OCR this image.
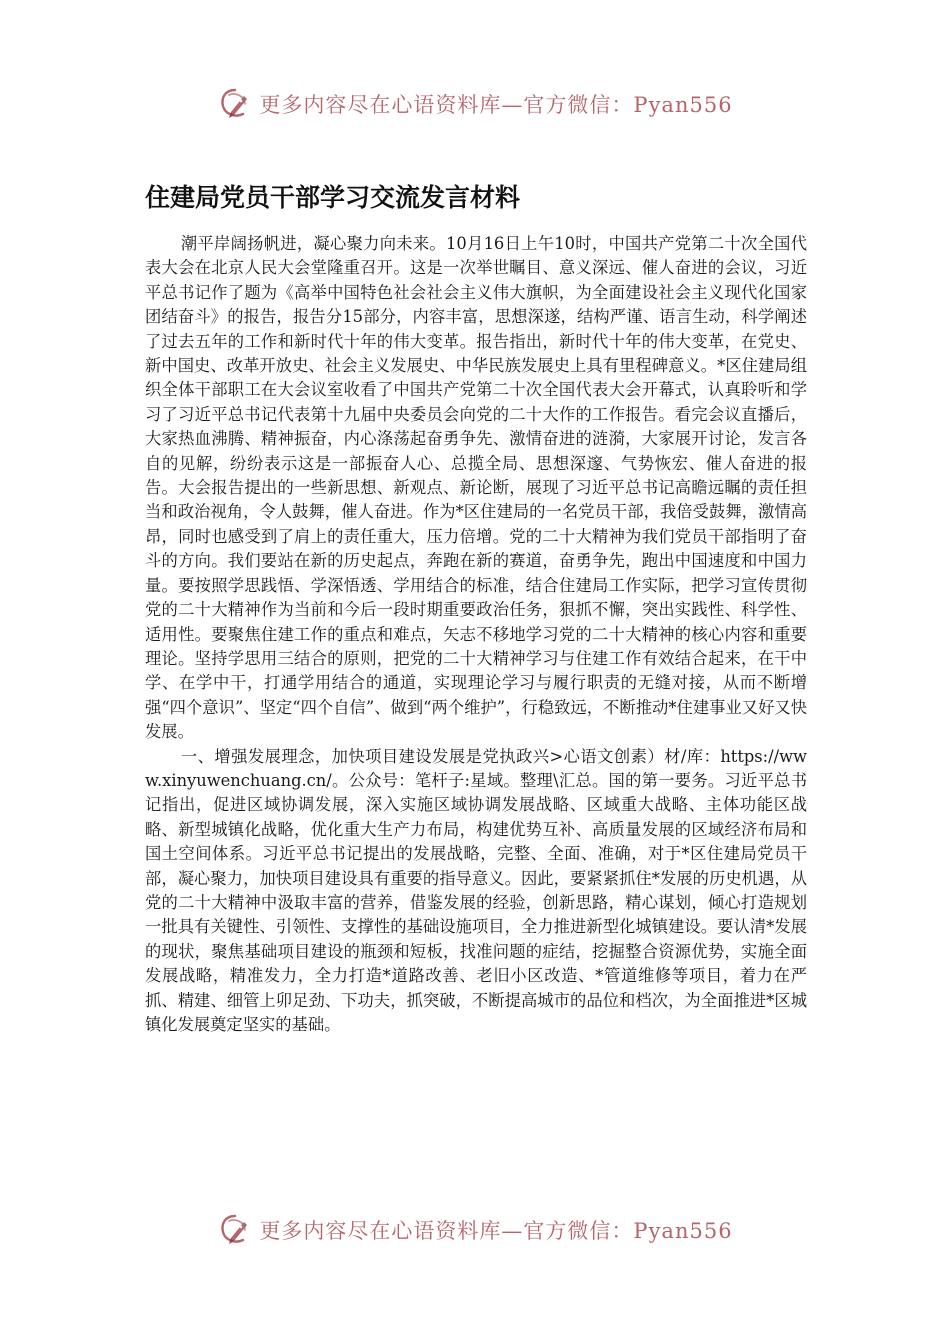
更多内容尽在心语资料库—官方微信：Pyan556
住建局党员干部学习交流发言材料

潮平岸阔扬帆进，凝心聚力向未来。10月16日上午10时，中国共产党第二十次全国代表大会在北京人民大会堂隆重召开。这是一次举世瞩目、意义深远、催人奋进的会议，习近平总书记作了题为《高举中国特色社会社会主义伟大旗帜，为全面建设社会主义现代化国家团结奋斗》的报告，报告分15部分，内容丰富，思想深遂，结构严谨、语言生动，科学阐述了过去五年的工作和新时代十年的伟大变革。报告指出，新时代十年的伟大变革，在党史、新中国史、改革开放史、社会主义发展史、中华民族发展史上具有里程碑意义。*区住建局组织全体干部职工在大会议室收看了中国共产党第二十次全国代表大会开幕式，认真聆听和学习了习近平总书记代表第十九届中央委员会向党的二十大作的工作报告。看完会议直播后，大家热血沸腾、精神振奋，内心涤荡起奋勇争先、激情奋进的涟漪，大家展开讨论，发言各自的见解，纷纷表示这是一部振奋人心、总揽全局、思想深邃、气势恢宏、催人奋进的报告。大会报告提出的一些新思想、新观点、新论断，展现了习近平总书记高瞻远瞩的责任担当和政治视角，令人鼓舞，催人奋进。作为*区住建局的一名党员干部，我倍受鼓舞，激情高昂，同时也感受到了肩上的责任重大，压力倍增。党的二十大精神为我们党员干部指明了奋斗的方向。我们要站在新的历史起点，奔跑在新的赛道，奋勇争先，跑出中国速度和中国力量。要按照学思践悟、学深悟透、学用结合的标准，结合住建局工作实际，把学习宣传贯彻党的二十大精神作为当前和今后一段时期重要政治任务，狠抓不懈，突出实践性、科学性、适用性。要聚焦住建工作的重点和难点，矢志不移地学习党的二十大精神的核心内容和重要理论。坚持学思用三结合的原则，把党的二十大精神学习与住建工作有效结合起来，在干中学、在学中干，打通学用结合的通道，实现理论学习与履行职责的无缝对接，从而不断增强“四个意识”、坚定“四个自信”、做到“两个维护”，行稳致远，不断推动*住建事业又好又快发展。

一、增强发展理念，加快项目建设发展是党执政兴>心语文创素）材/库：https://www.xinyuwenchuang.cn/。公众号：笔杆子:星域。整理\汇总。国的第一要务。习近平总书记指出，促进区域协调发展，深入实施区域协调发展战略、区域重大战略、主体功能区战略、新型城镇化战略，优化重大生产力布局，构建优势互补、高质量发展的区域经济布局和国土空间体系。习近平总书记提出的发展战略，完整、全面、准确，对于*区住建局党员干部，凝心聚力，加快项目建设具有重要的指导意义。因此，要紧紧抓住*发展的历史机遇，从党的二十大精神中汲取丰富的营养，借鉴发展的经验，创新思路，精心谋划，倾心打造规划一批具有关键性、引领性、支撑性的基础设施项目，全力推进新型化城镇建设。要认清*发展的现状，聚焦基础项目建设的瓶颈和短板，找准问题的症结，挖掘整合资源优势，实施全面发展战略，精准发力，全力打造*道路改善、老旧小区改造、*管道维修等项目，着力在严抓、精建、细管上卯足劲、下功夫，抓突破，不断提高城市的品位和档次，为全面推进*区城镇化发展奠定坚实的基础。

更多内容尽在心语资料库—官方微信：Pyan556
